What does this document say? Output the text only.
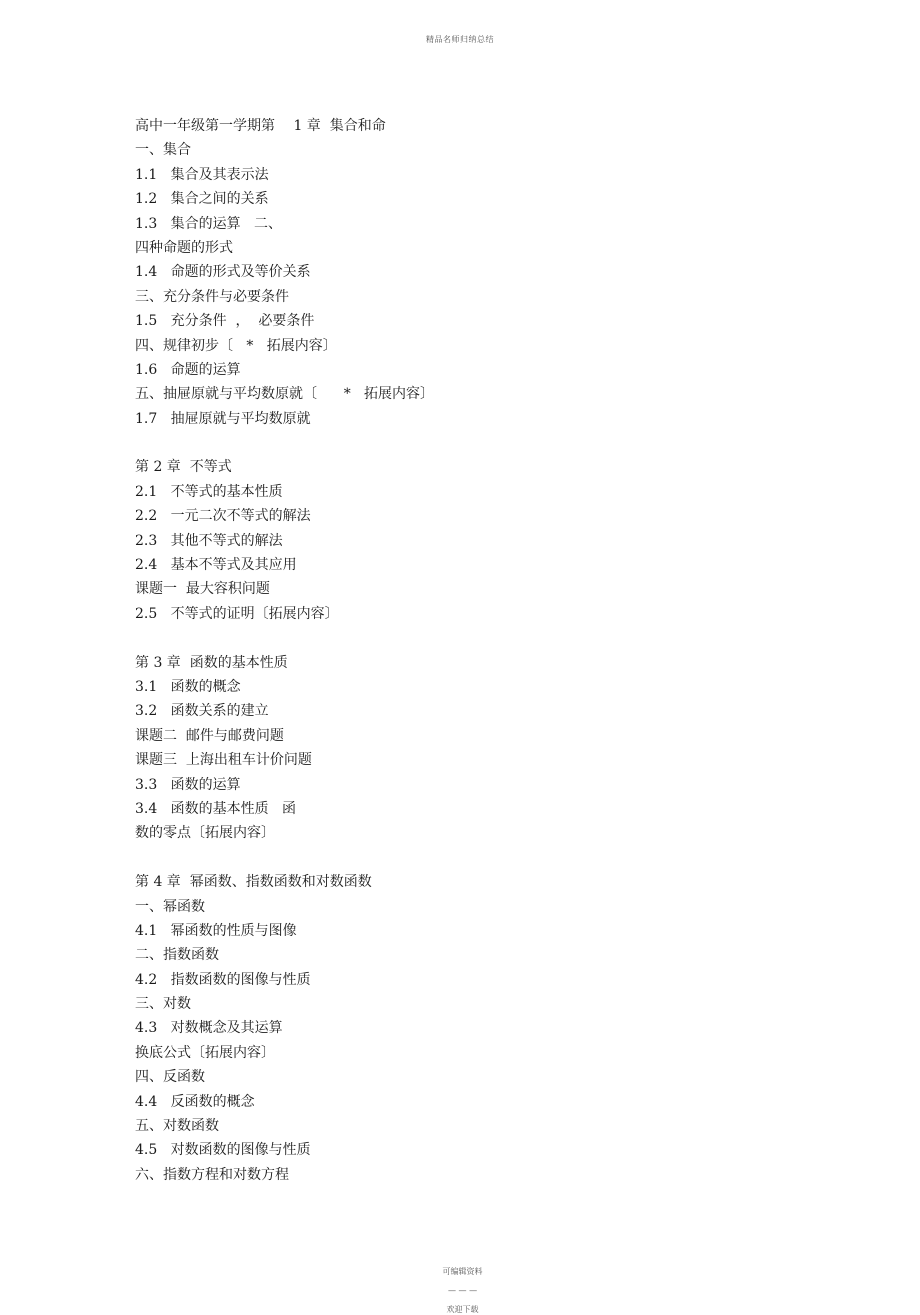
精品名师归纳总结
高中一年级第一学期第　 1 章  集合和命
一、集合
1.1   集合及其表示法
1.2   集合之间的关系
1.3   集合的运算   二、
四种命题的形式
1.4   命题的形式及等价关系
三、充分条件与必要条件
1.5   充分条件  ，  必要条件
四、规律初步〔   *   拓展内容〕
1.6   命题的运算
五、抽屉原就与平均数原就〔      *   拓展内容〕
1.7   抽屉原就与平均数原就
第 2 章  不等式
2.1   不等式的基本性质
2.2   一元二次不等式的解法
2.3   其他不等式的解法
2.4   基本不等式及其应用
课题一  最大容积问题
2.5   不等式的证明〔拓展内容〕
第 3 章  函数的基本性质
3.1   函数的概念
3.2   函数关系的建立
课题二  邮件与邮费问题
课题三  上海出租车计价问题
3.3   函数的运算
3.4   函数的基本性质   函
数的零点〔拓展内容〕
第 4 章  幂函数、指数函数和对数函数
一、幂函数
4.1   幂函数的性质与图像
二、指数函数
4.2   指数函数的图像与性质
三、对数
4.3   对数概念及其运算
换底公式〔拓展内容〕
四、反函数
4.4   反函数的概念
五、对数函数
4.5   对数函数的图像与性质
六、指数方程和对数方程

可编辑资料

— — —

欢迎下载
